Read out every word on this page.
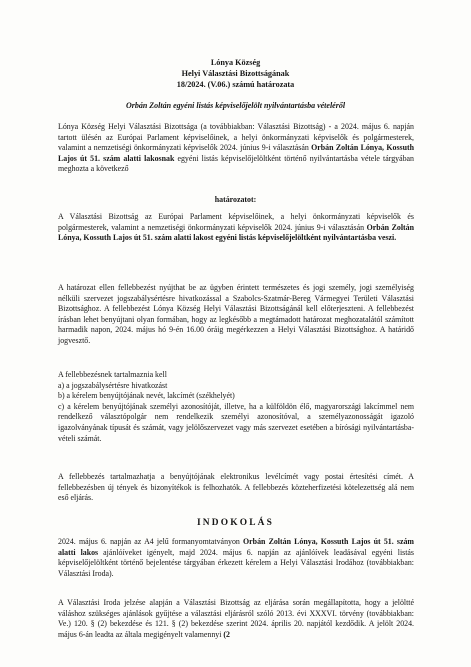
Lónya Község
Helyi Választási Bizottságának
18/2024. (V.06.) számú határozata
Orbán Zoltán egyéni listás képviselőjelölt nyilvántartásba vételéről

Lónya Község Helyi Választási Bizottsága (a továbbiakban: Választási Bizottság) - a 2024. május 6. napján tartott ülésén az Európai Parlament képviselőinek, a helyi önkormányzati képviselők és polgármesterek, valamint a nemzetiségi önkormányzati képviselők 2024. június 9-i választásán Orbán Zoltán Lónya, Kossuth Lajos út 51. szám alatti lakosnak egyéni listás képviselőjelöltként történő nyilvántartásba vétele tárgyában meghozta a következő

határozatot:

A Választási Bizottság az Európai Parlament képviselőinek, a helyi önkormányzati képviselők és polgármesterek, valamint a nemzetiségi önkormányzati képviselők 2024. június 9-i választásán Orbán Zoltán Lónya, Kossuth Lajos út 51. szám alatti lakost egyéni listás képviselőjelöltként nyilvántartásba veszi.

A határozat ellen fellebbezést nyújthat be az ügyben érintett természetes és jogi személy, jogi személyiség nélküli szervezet jogszabálysértésre hivatkozással a Szabolcs-Szatmár-Bereg Vármegyei Területi Választási Bizottsághoz. A fellebbezést Lónya Község Helyi Választási Bizottságánál kell előterjeszteni. A fellebbezést írásban lehet benyújtani olyan formában, hogy az legkésőbb a megtámadott határozat meghozatalától számított harmadik napon, 2024. május hó 9-én 16.00 óráig megérkezzen a Helyi Választási Bizottsághoz. A határidő jogvesztő.

A fellebbezésnek tartalmaznia kell

a) a jogszabálysértésre hivatkozást

b) a kérelem benyújtójának nevét, lakcímét (székhelyét)

c) a kérelem benyújtójának személyi azonosítóját, illetve, ha a külföldön élő, magyarországi lakcímmel nem rendelkező választópolgár nem rendelkezik személyi azonosítóval, a személyazonosságát igazoló igazolványának típusát és számát, vagy jelölőszervezet vagy más szervezet esetében a bírósági nyilvántartásba-vételi számát.

A fellebbezés tartalmazhatja a benyújtójának elektronikus levélcímét vagy postai értesítési címét. A fellebbezésben új tények és bizonyítékok is felhozhatók. A fellebbezés közteherfizetési kötelezettség alá nem eső eljárás.

INDOKOLÁS

2024. május 6. napján az A4 jelű formanyomtatványon Orbán Zoltán Lónya, Kossuth Lajos út 51. szám alatti lakos ajánlóíveket igényelt, majd 2024. május 6. napján az ajánlóívek leadásával egyéni listás képviselőjelöltként történő bejelentése tárgyában érkezett kérelem a Helyi Választási Irodához (továbbiakban: Választási Iroda).

A Választási Iroda jelzése alapján a Választási Bizottság az eljárása során megállapította, hogy a jelöltté váláshoz szükséges ajánlások gyűjtése a választási eljárásról szóló 2013. évi XXXVI. törvény (továbbiakban: Ve.) 120. § (2) bekezdése és 121. § (2) bekezdése szerint 2024. április 20. napjától kezdődik. A jelölt 2024. május 6-án leadta az általa megigényelt valamennyi (2
